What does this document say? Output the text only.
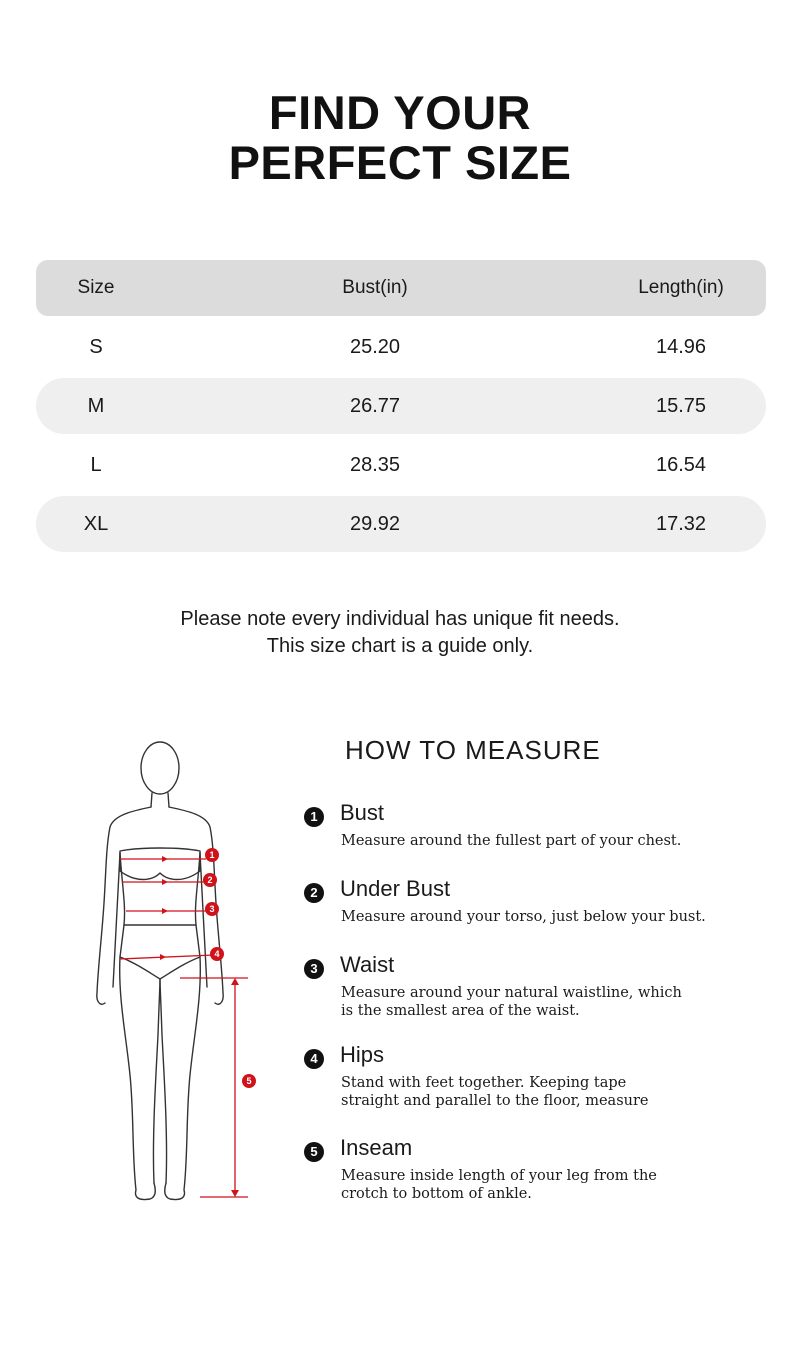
FIND YOUR
PERFECT SIZE
Size	Bust(in)	Length(in)
S	25.20	14.96
M	26.77	15.75
L	28.35	16.54
XL	29.92	17.32
Please note every individual has unique fit needs.
This size chart is a guide only.
1
2
3
4
5
HOW TO MEASURE
1 Bust
Measure around the fullest part of your chest.
2 Under Bust
Measure around your torso, just below your bust.
3 Waist
Measure around your natural waistline, which
is the smallest area of the waist.
4 Hips
Stand with feet together. Keeping tape
straight and parallel to the floor, measure
5 Inseam
Measure inside length of your leg from the
crotch to bottom of ankle.
